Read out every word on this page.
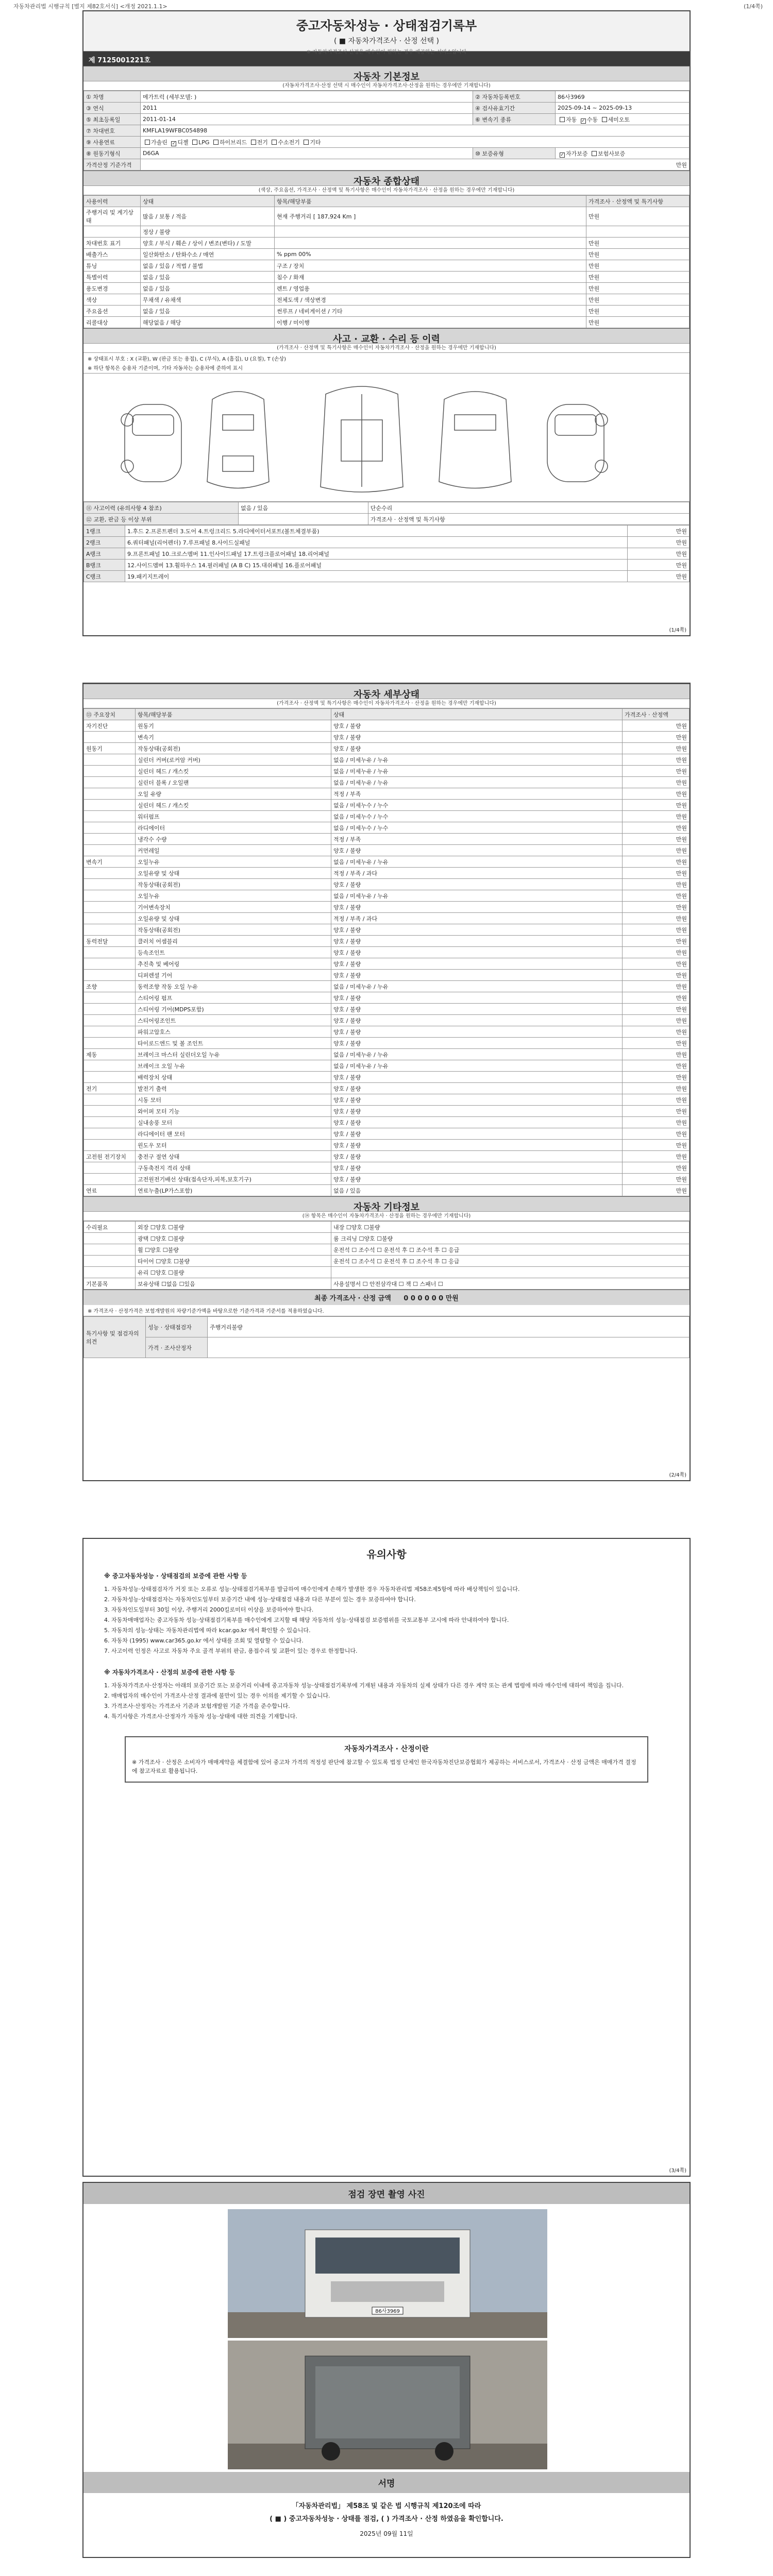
자동차관리법 시행규칙 [별지 제82호서식] <개정 2021.1.1>	(1/4쪽)
중고자동차성능 · 상태점검기록부
( ■ 자동차가격조사 · 산정 선택 )
※ 자동차가격조사·산정은 매수인이 원하는 경우 제공하는 서비스입니다
제 7125001221호
자동차 기본정보
(자동차가격조사·산정 선택 시 매수인이 자동차가격조사·산정을 원하는 경우에만 기재합니다)
① 차명	메가트럭 (세부모델: )	② 자동차등록번호	86사3969
③ 연식	2011	④ 검사유효기간	2025-09-14 ~ 2025-09-13
⑤ 최초등록일	2011-01-14	⑥ 변속기 종류	자동 ✓ 수동 세미오토
⑦ 차대번호	KMFLA19WFBC054898		
⑨ 사용연료	가솔린 ✓ 디젤 LPG 하이브리드 전기 수소전기 기타
⑧ 원동기형식	D6GA	⑩ 보증유형	✓자가보증 보험사보증
가격산정 기준가격	만원		
자동차 종합상태
(색상, 주요옵션, 가격조사 · 산정액 및 특기사항은 매수인이 자동차가격조사 · 산정을 원하는 경우에만 기재합니다)
사용이력	상태	항목/해당부품	가격조사 · 산정액 및 특기사항
주행거리 및 계기상태	많음 / 보통 / 적음	현재 주행거리 [ 187,924 Km ]	만원
	정상 / 불량		
차대번호 표기	양호 / 부식 / 훼손 / 상이 / 변조(변타) / 도말		만원
배출가스	일산화탄소 / 탄화수소 / 매연	% ppm 00%	만원
튜닝	없음 / 있음 / 적법 / 불법	구조 / 장치	만원
특별이력	없음 / 있음	침수 / 화재	만원
용도변경	없음 / 있음	렌트 / 영업용	만원
색상	무채색 / 유채색	전체도색 / 색상변경	만원
주요옵션	없음 / 있음	썬루프 / 네비게이션 / 기타	만원
리콜대상	해당없음 / 해당	이행 / 미이행	만원
사고 · 교환 · 수리 등 이력
(가격조사 · 산정액 및 특기사항은 매수인이 자동차가격조사 · 산정을 원하는 경우에만 기재합니다)
※ 상태표시 부호 : X (교환), W (판금 또는 용접), C (부식), A (흠집), U (요철), T (손상)
※ 하단 항목은 승용차 기준이며, 기타 자동차는 승용차에 준하여 표시
⑪ 사고이력 (유의사항 4 참조)	없음 / 있음	단순수리
⑫ 교환, 판금 등 이상 부위		가격조사 · 산정액 및 특기사항
1랭크	1.후드 2.프론트펜더 3.도어 4.트렁크리드 5.라디에이터서포트(볼트체결부품)	만원
2랭크	6.쿼터패널(리어펜더) 7.루프패널 8.사이드실패널	만원
A랭크	9.프론트패널 10.크로스멤버 11.인사이드패널 17.트렁크플로어패널 18.리어패널	만원
B랭크	12.사이드멤버 13.휠하우스 14.필러패널 (A B C) 15.대쉬패널 16.플로어패널	만원
C랭크	19.패키지트레이	만원
(1/4쪽)
자동차 세부상태
(가격조사 · 산정액 및 특기사항은 매수인이 자동차가격조사 · 산정을 원하는 경우에만 기재합니다)
⑬ 주요장치	항목/해당부품	상태	가격조사 · 산정액
자기진단	원동기	양호 / 불량	만원
	변속기	양호 / 불량	만원
원동기	작동상태(공회전)	양호 / 불량	만원
	실린더 커버(로커암 커버)	없음 / 미세누유 / 누유	만원
	실린더 헤드 / 개스킷	없음 / 미세누유 / 누유	만원
	실린더 블록 / 오일팬	없음 / 미세누유 / 누유	만원
	오일 유량	적정 / 부족	만원
	실린더 헤드 / 개스킷	없음 / 미세누수 / 누수	만원
	워터펌프	없음 / 미세누수 / 누수	만원
	라디에이터	없음 / 미세누수 / 누수	만원
	냉각수 수량	적정 / 부족	만원
	커먼레일	양호 / 불량	만원
변속기	오일누유	없음 / 미세누유 / 누유	만원
	오일유량 및 상태	적정 / 부족 / 과다	만원
	작동상태(공회전)	양호 / 불량	만원
	오일누유	없음 / 미세누유 / 누유	만원
	기어변속장치	양호 / 불량	만원
	오일유량 및 상태	적정 / 부족 / 과다	만원
	작동상태(공회전)	양호 / 불량	만원
동력전달	클러치 어셈블리	양호 / 불량	만원
	등속조인트	양호 / 불량	만원
	추진축 및 베어링	양호 / 불량	만원
	디퍼렌셜 기어	양호 / 불량	만원
조향	동력조향 작동 오일 누유	없음 / 미세누유 / 누유	만원
	스티어링 펌프	양호 / 불량	만원
	스티어링 기어(MDPS포함)	양호 / 불량	만원
	스티어링조인트	양호 / 불량	만원
	파워고압호스	양호 / 불량	만원
	타이로드엔드 및 볼 조인트	양호 / 불량	만원
제동	브레이크 마스터 실린더오일 누유	없음 / 미세누유 / 누유	만원
	브레이크 오일 누유	없음 / 미세누유 / 누유	만원
	배력장치 상태	양호 / 불량	만원
전기	발전기 출력	양호 / 불량	만원
	시동 모터	양호 / 불량	만원
	와이퍼 모터 기능	양호 / 불량	만원
	실내송풍 모터	양호 / 불량	만원
	라디에이터 팬 모터	양호 / 불량	만원
	윈도우 모터	양호 / 불량	만원
고전원 전기장치	충전구 절연 상태	양호 / 불량	만원
	구동축전지 격리 상태	양호 / 불량	만원
	고전원전기배선 상태(접속단자,피복,보호기구)	양호 / 불량	만원
연료	연료누출(LP가스포함)	없음 / 있음	만원
자동차 기타정보
(⑭ 항목은 매수인이 자동차가격조사 · 산정을 원하는 경우에만 기재합니다)
수리필요	외장 ☐양호 ☐불량	내장 ☐양호 ☐불량
	광택 ☐양호 ☐불량	룸 크리닝 ☐양호 ☐불량
	휠 ☐양호 ☐불량	운전석 ☐ 조수석 ☐ 운전석 후 ☐ 조수석 후 ☐ 응급
	타이어 ☐양호 ☐불량	운전석 ☐ 조수석 ☐ 운전석 후 ☐ 조수석 후 ☐ 응급
	유리 ☐양호 ☐불량	
기본품목	보유상태 ☐없음 ☐있음	사용설명서 ☐ 안전삼각대 ☐ 잭 ☐ 스패너 ☐
최종 가격조사 · 산정 금액 0 0 0 0 0 0 만원
※ 가격조사 · 산정가격은 보험개발원의 차량기준가액을 바탕으로한 기준가격과 기준서를 적용하였습니다.
특기사항 및 점검자의 의견	성능 · 상태점검자	주행거리불량
	가격 · 조사산정자	
(2/4쪽)
유의사항
※ 중고자동차성능 · 상태점검의 보증에 관한 사항 등

1. 자동차성능·상태점검자가 거짓 또는 오류로 성능·상태점검기록부를 발급하여 매수인에게 손해가 발생한 경우 자동차관리법 제58조제5항에 따라 배상책임이 있습니다.

2. 자동차성능·상태점검자는 자동차인도일부터 보증기간 내에 성능·상태점검 내용과 다른 부분이 있는 경우 보증하여야 합니다.

3. 자동차인도일부터 30일 이상, 주행거리 2000킬로미터 이상을 보증하여야 합니다.

4. 자동차매매업자는 중고자동차 성능·상태점검기록부를 매수인에게 고지할 때 해당 자동차의 성능·상태점검 보증범위를 국토교통부 고시에 따라 안내하여야 합니다.

5. 자동차의 성능·상태는 자동차관리법에 따라 kcar.go.kr 에서 확인할 수 있습니다.

6. 자동차 (1995) www.car365.go.kr 에서 상태를 조회 및 열람할 수 있습니다.

7. 사고이력 인정은 사고로 자동차 주요 골격 부위의 판금, 용접수리 및 교환이 있는 경우로 한정합니다.

※ 자동차가격조사 · 산정의 보증에 관한 사항 등

1. 자동차가격조사·산정자는 아래의 보증기간 또는 보증거리 이내에 중고자동차 성능·상태점검기록부에 기재된 내용과 자동차의 실제 상태가 다른 경우 계약 또는 관계 법령에 따라 매수인에 대하여 책임을 집니다.

2. 매매업자의 매수인이 가격조사·산정 결과에 불만이 있는 경우 이의를 제기할 수 있습니다.

3. 가격조사·산정자는 가격조사 기준과 보험개발원 기준 가격을 준수합니다.

4. 특기사항은 가격조사·산정자가 자동차 성능·상태에 대한 의견을 기재합니다.

자동차가격조사 · 산정이란
※ 가격조사 · 산정은 소비자가 매매계약을 체결함에 있어 중고차 가격의 적정성 판단에 참고할 수 있도록 법정 단체인 한국자동차진단보증협회가 제공하는 서비스로서, 가격조사 · 산정 금액은 매매가격 결정에 참고자료로 활용됩니다.
(3/4쪽)
점검 장면 촬영 사진
86사3969
서명
「자동차관리법」 제58조 및 같은 법 시행규칙 제120조에 따라
( ■ ) 중고자동차성능 · 상태를 점검, ( ) 가격조사 · 산정 하였음을 확인합니다.
2025년 09월 11일
